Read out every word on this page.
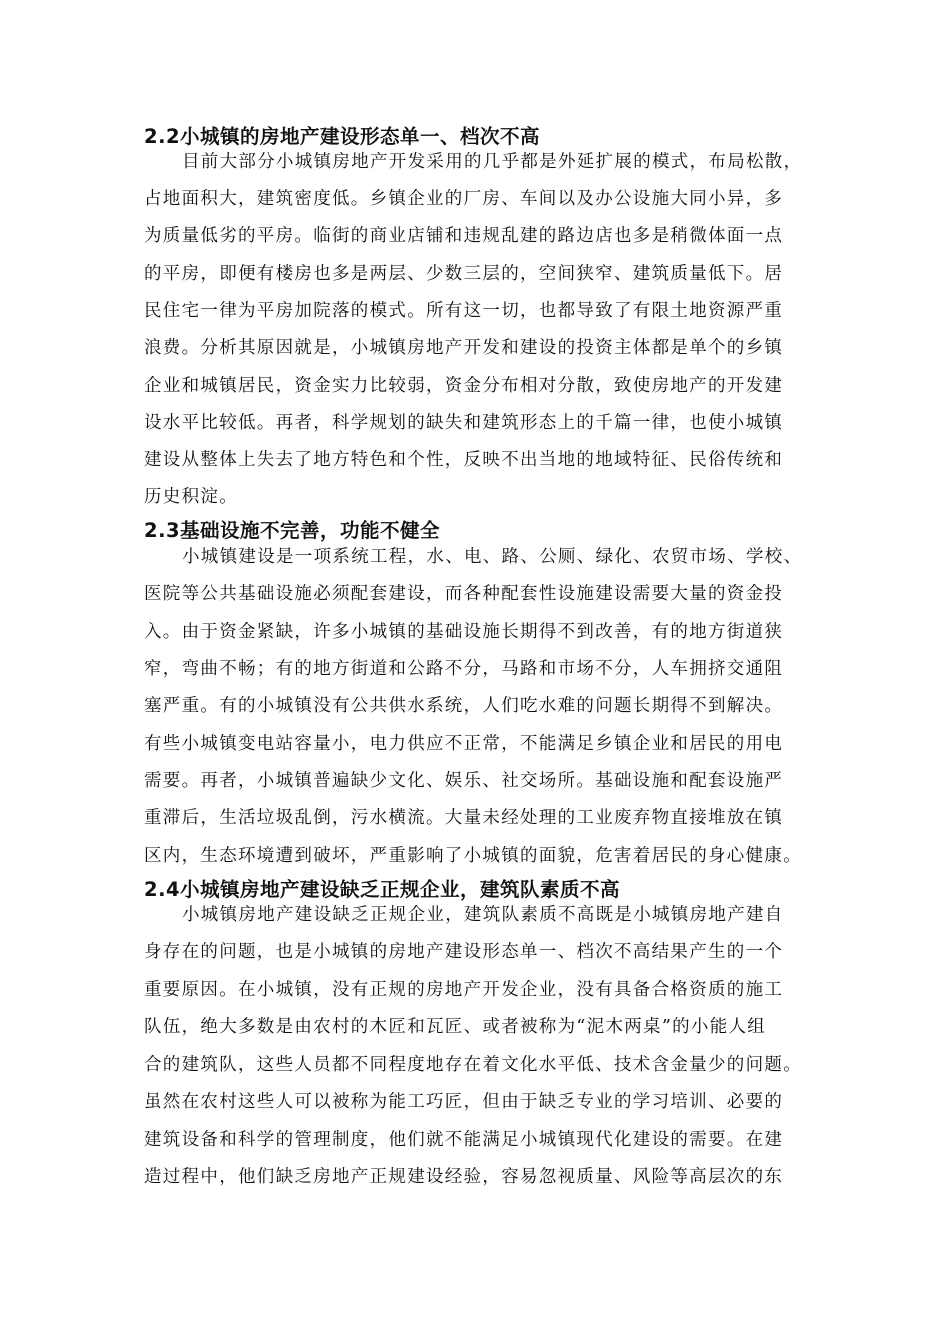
2.2小城镇的房地产建设形态单一、档次不高
目前大部分小城镇房地产开发采用的几乎都是外延扩展的模式，布局松散，
占地面积大，建筑密度低。乡镇企业的厂房、车间以及办公设施大同小异，多
为质量低劣的平房。临街的商业店铺和违规乱建的路边店也多是稍微体面一点
的平房，即便有楼房也多是两层、少数三层的，空间狭窄、建筑质量低下。居
民住宅一律为平房加院落的模式。所有这一切，也都导致了有限土地资源严重
浪费。分析其原因就是，小城镇房地产开发和建设的投资主体都是单个的乡镇
企业和城镇居民，资金实力比较弱，资金分布相对分散，致使房地产的开发建
设水平比较低。再者，科学规划的缺失和建筑形态上的千篇一律，也使小城镇
建设从整体上失去了地方特色和个性，反映不出当地的地域特征、民俗传统和
历史积淀。
2.3基础设施不完善，功能不健全
小城镇建设是一项系统工程，水、电、路、公厕、绿化、农贸市场、学校、
医院等公共基础设施必须配套建设，而各种配套性设施建设需要大量的资金投
入。由于资金紧缺，许多小城镇的基础设施长期得不到改善，有的地方街道狭
窄，弯曲不畅；有的地方街道和公路不分，马路和市场不分，人车拥挤交通阻
塞严重。有的小城镇没有公共供水系统，人们吃水难的问题长期得不到解决。
有些小城镇变电站容量小，电力供应不正常，不能满足乡镇企业和居民的用电
需要。再者，小城镇普遍缺少文化、娱乐、社交场所。基础设施和配套设施严
重滞后，生活垃圾乱倒，污水横流。大量未经处理的工业废弃物直接堆放在镇
区内，生态环境遭到破坏，严重影响了小城镇的面貌，危害着居民的身心健康。
2.4小城镇房地产建设缺乏正规企业，建筑队素质不高
小城镇房地产建设缺乏正规企业，建筑队素质不高既是小城镇房地产建自
身存在的问题，也是小城镇的房地产建设形态单一、档次不高结果产生的一个
重要原因。在小城镇，没有正规的房地产开发企业，没有具备合格资质的施工
队伍，绝大多数是由农村的木匠和瓦匠、或者被称为“泥木两桌”的小能人组
合的建筑队，这些人员都不同程度地存在着文化水平低、技术含金量少的问题。
虽然在农村这些人可以被称为能工巧匠，但由于缺乏专业的学习培训、必要的
建筑设备和科学的管理制度，他们就不能满足小城镇现代化建设的需要。在建
造过程中，他们缺乏房地产正规建设经验，容易忽视质量、风险等高层次的东
